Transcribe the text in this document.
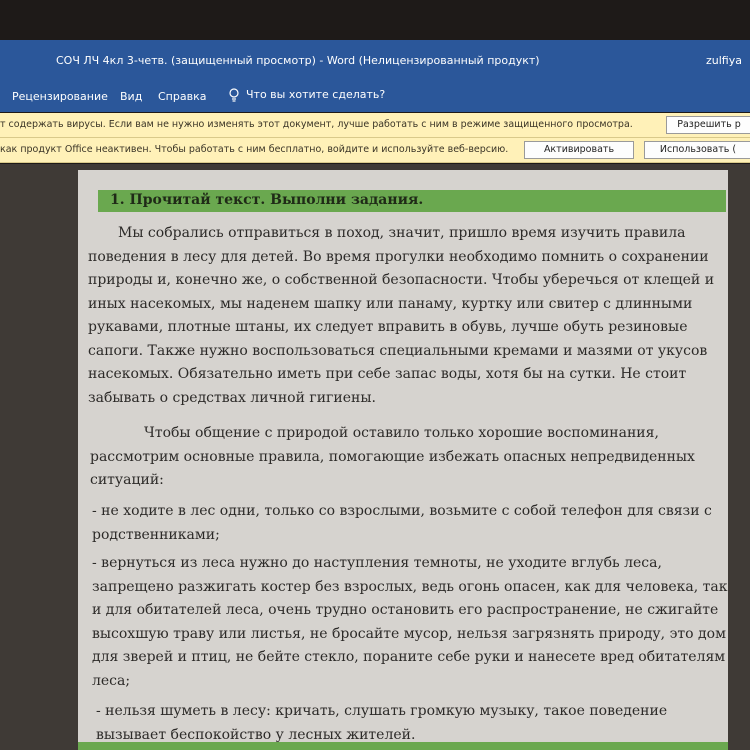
СОЧ ЛЧ 4кл 3-четв. (защищенный просмотр) - Word (Нелицензированный продукт)	zulfiya
Рецензирование Вид Справка	Что вы хотите сделать?
т содержать вирусы. Если вам не нужно изменять этот документ, лучше работать с ним в режиме защищенного просмотра.	Разрешить р
как продукт Office неактивен. Чтобы работать с ним бесплатно, войдите и используйте веб-версию.	Активировать	Использовать (
1. Прочитай текст. Выполни задания.
Мы собрались отправиться в поход, значит, пришло время изучить правила
поведения в лесу для детей. Во время прогулки необходимо помнить о сохранении
природы и, конечно же, о собственной безопасности. Чтобы уберечься от клещей и
иных насекомых, мы наденем шапку или панаму, куртку или свитер с длинными
рукавами, плотные штаны, их следует вправить в обувь, лучше обуть резиновые
сапоги. Также нужно воспользоваться специальными кремами и мазями от укусов
насекомых. Обязательно иметь при себе запас воды, хотя бы на сутки. Не стоит
забывать о средствах личной гигиены.
Чтобы общение с природой оставило только хорошие воспоминания,
рассмотрим основные правила, помогающие избежать опасных непредвиденных
ситуаций:
- не ходите в лес одни, только со взрослыми, возьмите с собой телефон для связи с
родственниками;
- вернуться из леса нужно до наступления темноты, не уходите вглубь леса,
запрещено разжигать костер без взрослых, ведь огонь опасен, как для человека, так
и для обитателей леса, очень трудно остановить его распространение, не сжигайте
высохшую траву или листья, не бросайте мусор, нельзя загрязнять природу, это дом
для зверей и птиц, не бейте стекло, пораните себе руки и нанесете вред обитателям
леса;
- нельзя шуметь в лесу: кричать, слушать громкую музыку, такое поведение
вызывает беспокойство у лесных жителей.
